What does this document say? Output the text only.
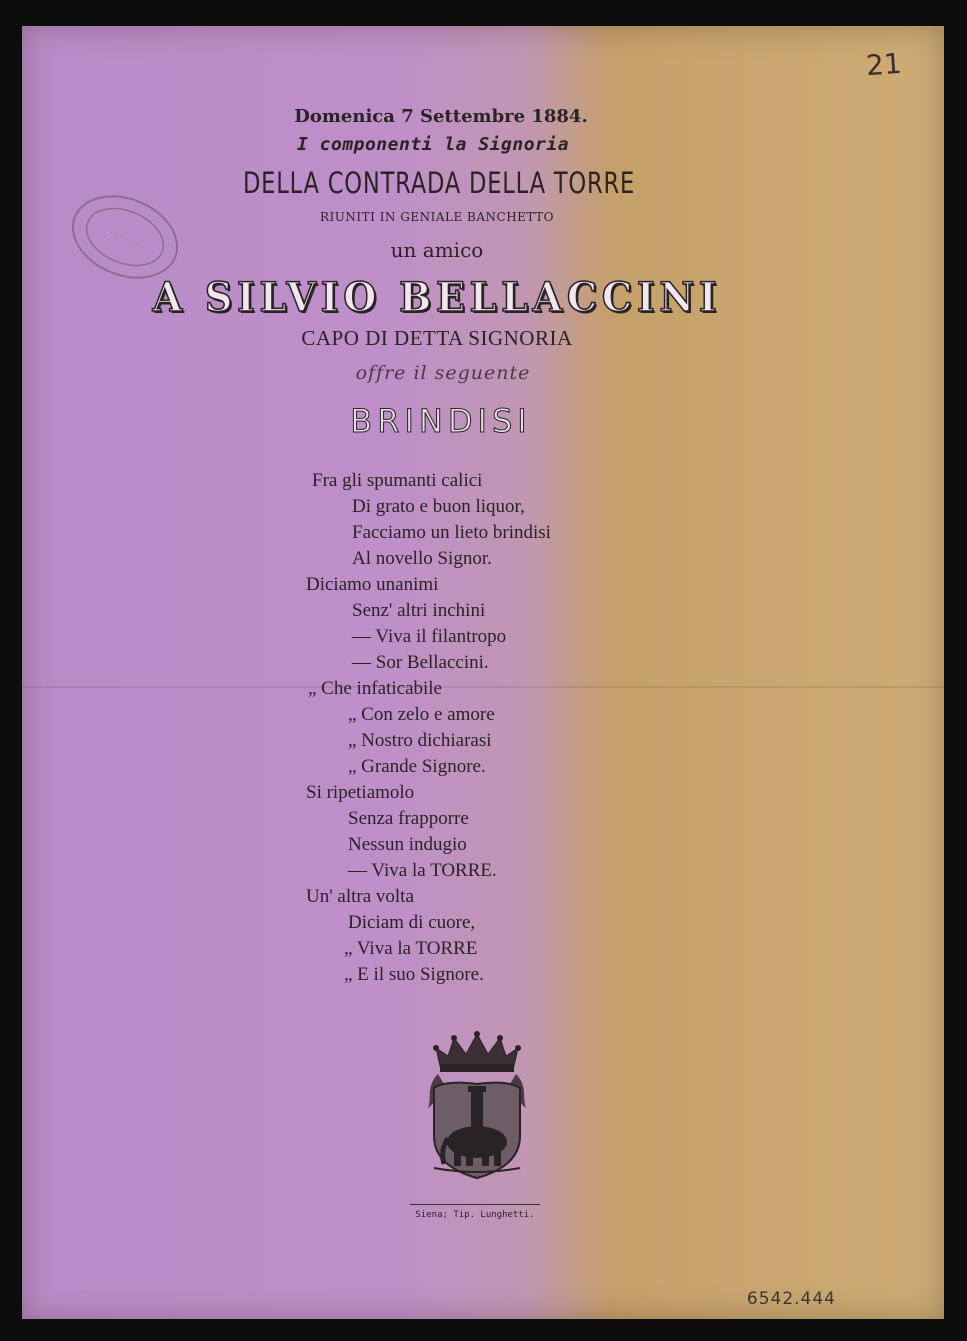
21
· · · · · ·
Domenica 7 Settembre 1884.
I componenti la Signoria
DELLA CONTRADA DELLA TORRE
RIUNITI IN GENIALE BANCHETTO
un amico
A SILVIO BELLACCINI
CAPO DI DETTA SIGNORIA
offre il seguente
BRINDISI
Fra gli spumanti calici
Di grato e buon liquor,
Facciamo un lieto brindisi
Al novello Signor.
Diciamo unanimi
Senz' altri inchini
— Viva il filantropo
— Sor Bellaccini.
„ Che infaticabile
„ Con zelo e amore
„ Nostro dichiarasi
„ Grande Signore.
Si ripetiamolo
Senza frapporre
Nessun indugio
— Viva la TORRE.
Un' altra volta
Diciam di cuore,
„ Viva la TORRE
„ E il suo Signore.
Siena; Tip. Lunghetti.
6542.444
